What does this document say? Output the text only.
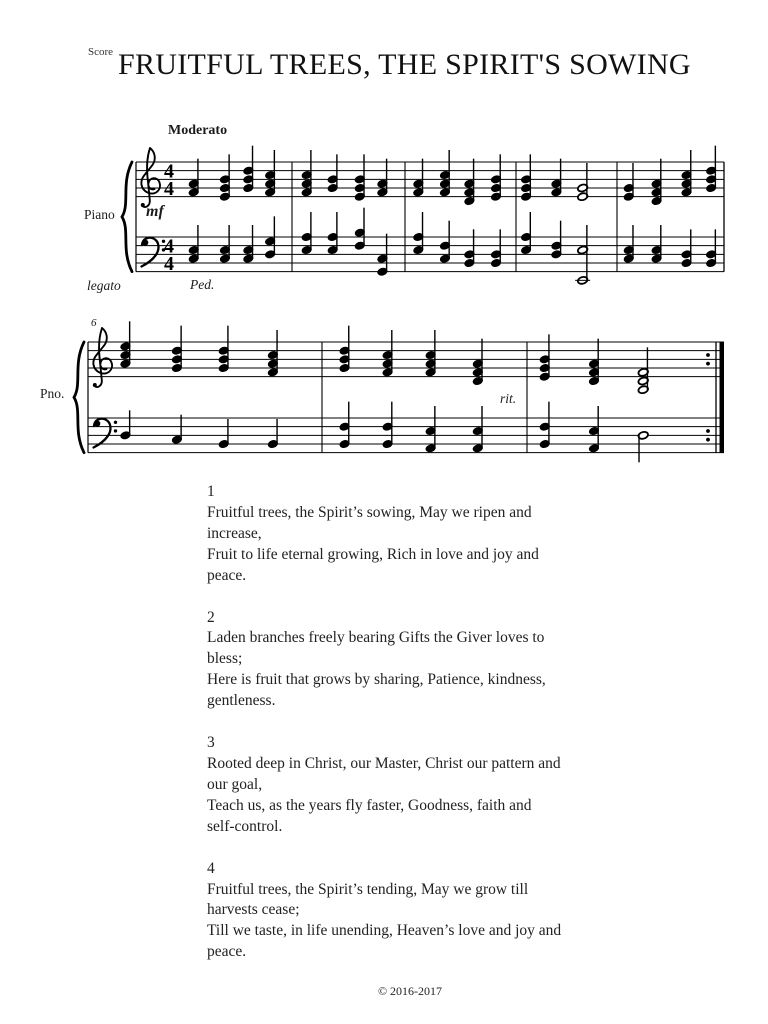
4
4
4
4
Score FRUITFUL TREES, THE SPIRIT'S SOWING
Moderato
Piano mf
legato	Ped.
6
Pno.	rit.
1
Fruitful trees, the Spirit’s sowing, May we ripen and
increase,
Fruit to life eternal growing, Rich in love and joy and
peace.
2
Laden branches freely bearing Gifts the Giver loves to
bless;
Here is fruit that grows by sharing, Patience, kindness,
gentleness.
3
Rooted deep in Christ, our Master, Christ our pattern and
our goal,
Teach us, as the years fly faster, Goodness, faith and
self-control.
4
Fruitful trees, the Spirit’s tending, May we grow till
harvests cease;
Till we taste, in life unending, Heaven’s love and joy and
peace.
© 2016-2017
